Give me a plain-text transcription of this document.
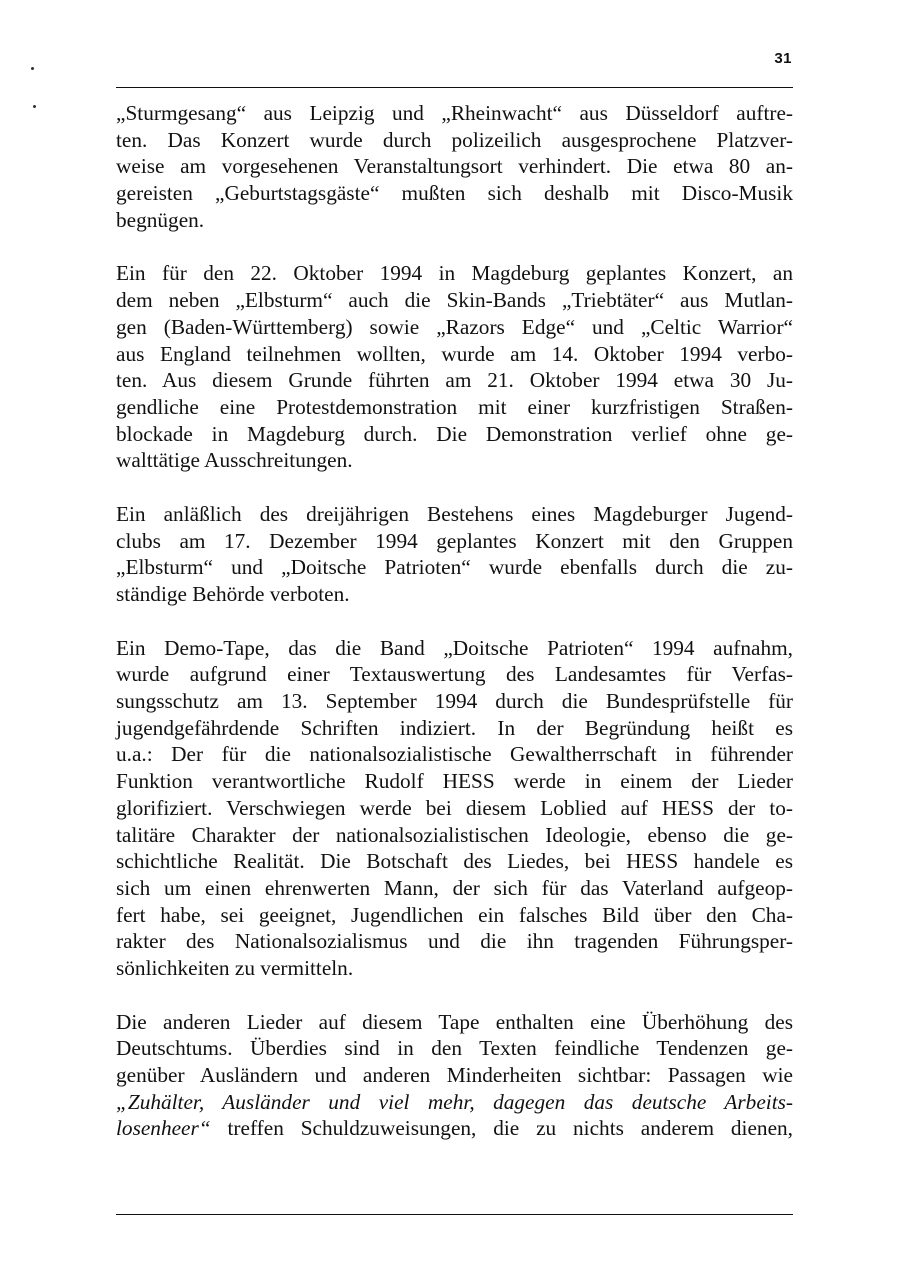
31
„Sturmgesang“ aus Leipzig und „Rheinwacht“ aus Düsseldorf auftre-
ten. Das Konzert wurde durch polizeilich ausgesprochene Platzver-
weise am vorgesehenen Veranstaltungsort verhindert. Die etwa 80 an-
gereisten „Geburtstagsgäste“ mußten sich deshalb mit Disco-Musik
begnügen.
Ein für den 22. Oktober 1994 in Magdeburg geplantes Konzert, an
dem neben „Elbsturm“ auch die Skin-Bands „Triebtäter“ aus Mutlan-
gen (Baden-Württemberg) sowie „Razors Edge“ und „Celtic Warrior“
aus England teilnehmen wollten, wurde am 14. Oktober 1994 verbo-
ten. Aus diesem Grunde führten am 21. Oktober 1994 etwa 30 Ju-
gendliche eine Protestdemonstration mit einer kurzfristigen Straßen-
blockade in Magdeburg durch. Die Demonstration verlief ohne ge-
walttätige Ausschreitungen.
Ein anläßlich des dreijährigen Bestehens eines Magdeburger Jugend-
clubs am 17. Dezember 1994 geplantes Konzert mit den Gruppen
„Elbsturm“ und „Doitsche Patrioten“ wurde ebenfalls durch die zu-
ständige Behörde verboten.
Ein Demo-Tape, das die Band „Doitsche Patrioten“ 1994 aufnahm,
wurde aufgrund einer Textauswertung des Landesamtes für Verfas-
sungsschutz am 13. September 1994 durch die Bundesprüfstelle für
jugendgefährdende Schriften indiziert. In der Begründung heißt es
u.a.: Der für die nationalsozialistische Gewaltherrschaft in führender
Funktion verantwortliche Rudolf HESS werde in einem der Lieder
glorifiziert. Verschwiegen werde bei diesem Loblied auf HESS der to-
talitäre Charakter der nationalsozialistischen Ideologie, ebenso die ge-
schichtliche Realität. Die Botschaft des Liedes, bei HESS handele es
sich um einen ehrenwerten Mann, der sich für das Vaterland aufgeop-
fert habe, sei geeignet, Jugendlichen ein falsches Bild über den Cha-
rakter des Nationalsozialismus und die ihn tragenden Führungsper-
sönlichkeiten zu vermitteln.
Die anderen Lieder auf diesem Tape enthalten eine Überhöhung des
Deutschtums. Überdies sind in den Texten feindliche Tendenzen ge-
genüber Ausländern und anderen Minderheiten sichtbar: Passagen wie
„Zuhälter, Ausländer und viel mehr, dagegen das deutsche Arbeits-
losenheer“ treffen Schuldzuweisungen, die zu nichts anderem dienen,
